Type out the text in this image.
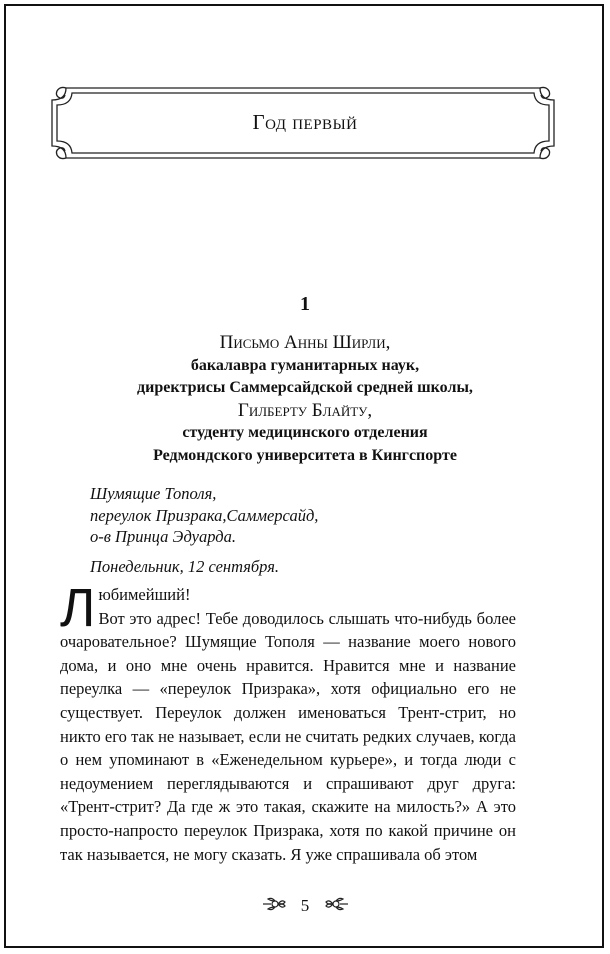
Год первый
1
Письмо Анны Ширли,
бакалавра гуманитарных наук,
директрисы Саммерсайдской средней школы,
Гилберту Блайту,
студенту медицинского отделения
Редмондского университета в Кингспорте
Шумящие Тополя,
переулок Призрака,Саммерсайд,
о-в Принца Эдуарда.
Понедельник, 12 сентября.
Л юбимейший!

Вот это адрес! Тебе доводилось слышать что-нибудь более очаровательное? Шумящие Тополя — название моего нового дома, и оно мне очень нравится. Нравится мне и название переулка — «переулок Призрака», хотя официально его не существует. Переулок должен именоваться Трент-стрит, но никто его так не называет, если не считать редких случаев, когда о нем упоминают в «Еженедельном курьере», и тогда люди с недоумением переглядываются и спрашивают друг друга: «Трент-стрит? Да где ж это такая, скажите на милость?» А это просто-напросто переулок Призрака, хотя по какой причине он так называется, не могу сказать. Я уже спрашивала об этом

5
